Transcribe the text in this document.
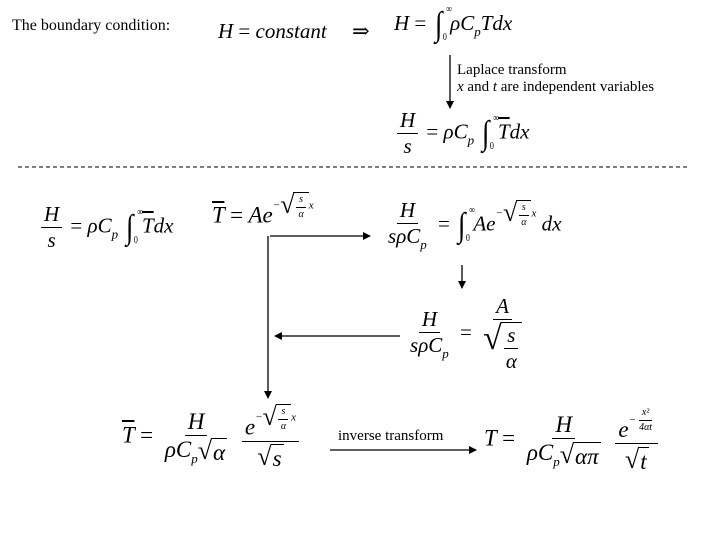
The boundary condition: H = constant ⇒ H = ∫ ∞
0
$\rho C_pTdx$
Laplace transform
x and t are independent variables
$\frac{H}{s} = \rho C_p$ ∫ ∞
0
$\overline{T}dx$
$\frac{H}{s} = \rho C_p$ ∫ ∞
0
$\overline{T}dx$ $\overline{T} = Ae-$ √ $\frac{s}{\alpha}$ x	$\frac{H}{s\rho C_p}$ = ∫ ∞
0
Ae− √ $\frac{s}{\alpha}$ x dx
$\frac{H}{s\rho C_p} = \frac{A}{√ \frac{s}{\alpha}}$
$\overline{T} = \frac{H}{\rho C_p √ \alpha}$
$\frac{e- √ \frac{s}{\alpha} x}{√ s}$	inverse transform $T = \frac{H}{\rho C_p √ \alpha\pi}$
$\frac{e- \frac{\text{x²}}{4\alpha t}}{√ t}$
